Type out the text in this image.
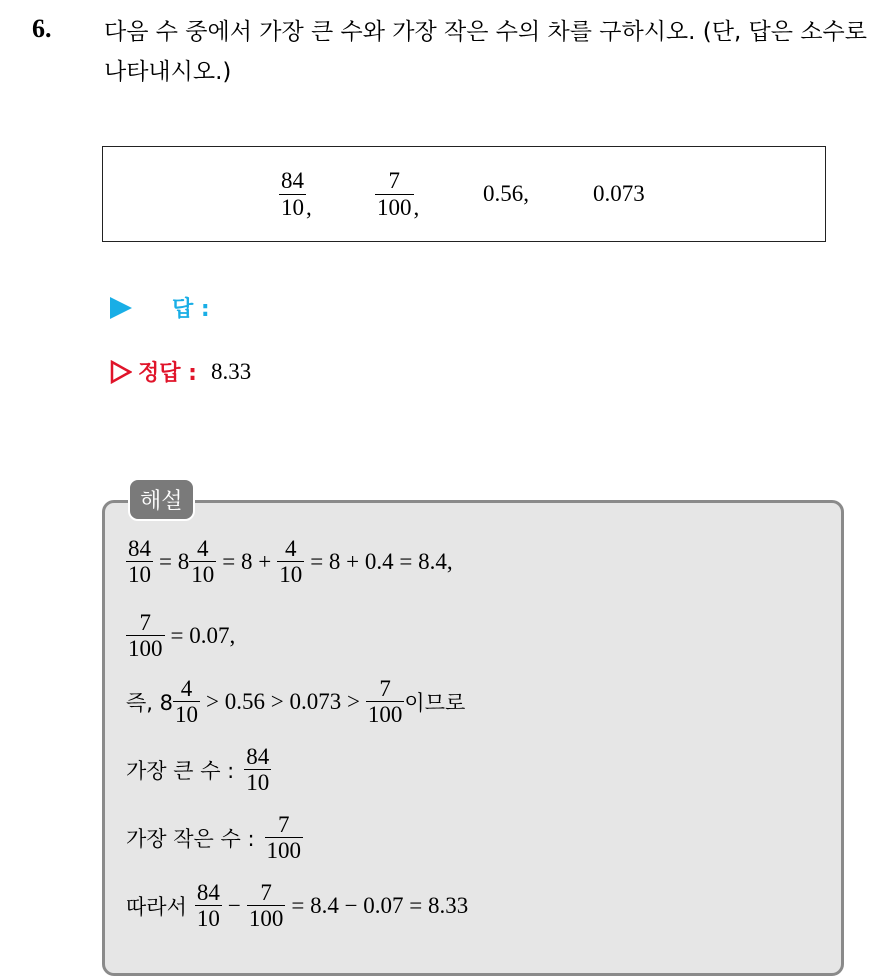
6. 다음 수 중에서 가장 큰 수와 가장 작은 수의 차를 구하시오. (단, 답은 소수로 나타내시오.)
$\frac{84}{10}$ ,	$\frac{7}{100}$ ,
0.56,	0.073
답 :
정답 : 8.33
해설
$\frac{84}{10} = 8 \frac{4}{10} = 8 + \frac{4}{10} = 8 + 0.4 = 8.4$,
$\frac{7}{100} = 0.07$,
즉, $8 \frac{4}{10} > 0.56 > 0.073 > \frac{7}{100}$ 이므로
가장 큰 수 : $\frac{84}{10}$
가장 작은 수 : $\frac{7}{100}$
따라서 $\frac{84}{10} - \frac{7}{100} = 8.4 - 0.07 = 8.33$
